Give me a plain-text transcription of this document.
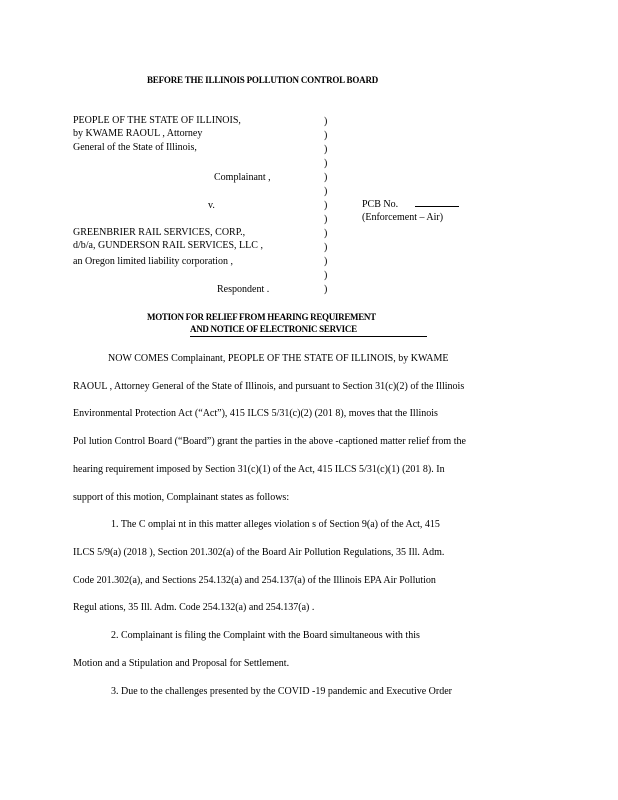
BEFORE THE ILLINOIS POLLUTION CONTROL BOARD
PEOPLE OF THE STATE OF ILLINOIS,
by KWAME RAOUL , Attorney
General of the State of Illinois,
Complainant ,
v.
GREENBRIER RAIL SERVICES, CORP.,
d/b/a, GUNDERSON RAIL SERVICES, LLC ,
an Oregon limited liability corporation ,
Respondent .
)
)
)
)
)
)
)
)
)
)
)
)
)
PCB No.
(Enforcement – Air)
MOTION FOR RELIEF FROM HEARING REQUIREMENT
AND NOTICE OF ELECTRONIC SERVICE
NOW COMES Complainant, PEOPLE OF THE STATE OF ILLINOIS, by KWAME
RAOUL , Attorney General of the State of Illinois, and pursuant to Section 31(c)(2) of the Illinois
Environmental Protection Act (“Act”), 415 ILCS 5/31(c)(2) (201 8), moves that the Illinois
Pol lution Control Board (“Board”) grant the parties in the above -captioned matter relief from the
hearing requirement imposed by Section 31(c)(1) of the Act, 415 ILCS 5/31(c)(1) (201 8). In
support of this motion, Complainant states as follows:
1. The C omplai nt in this matter alleges violation s of Section 9(a) of the Act, 415
ILCS 5/9(a) (2018 ), Section 201.302(a) of the Board Air Pollution Regulations, 35 Ill. Adm.
Code 201.302(a), and Sections 254.132(a) and 254.137(a) of the Illinois EPA Air Pollution
Regul ations, 35 Ill. Adm. Code 254.132(a) and 254.137(a) .
2. Complainant is filing the Complaint with the Board simultaneous with this
Motion and a Stipulation and Proposal for Settlement.
3. Due to the challenges presented by the COVID -19 pandemic and Executive Order
